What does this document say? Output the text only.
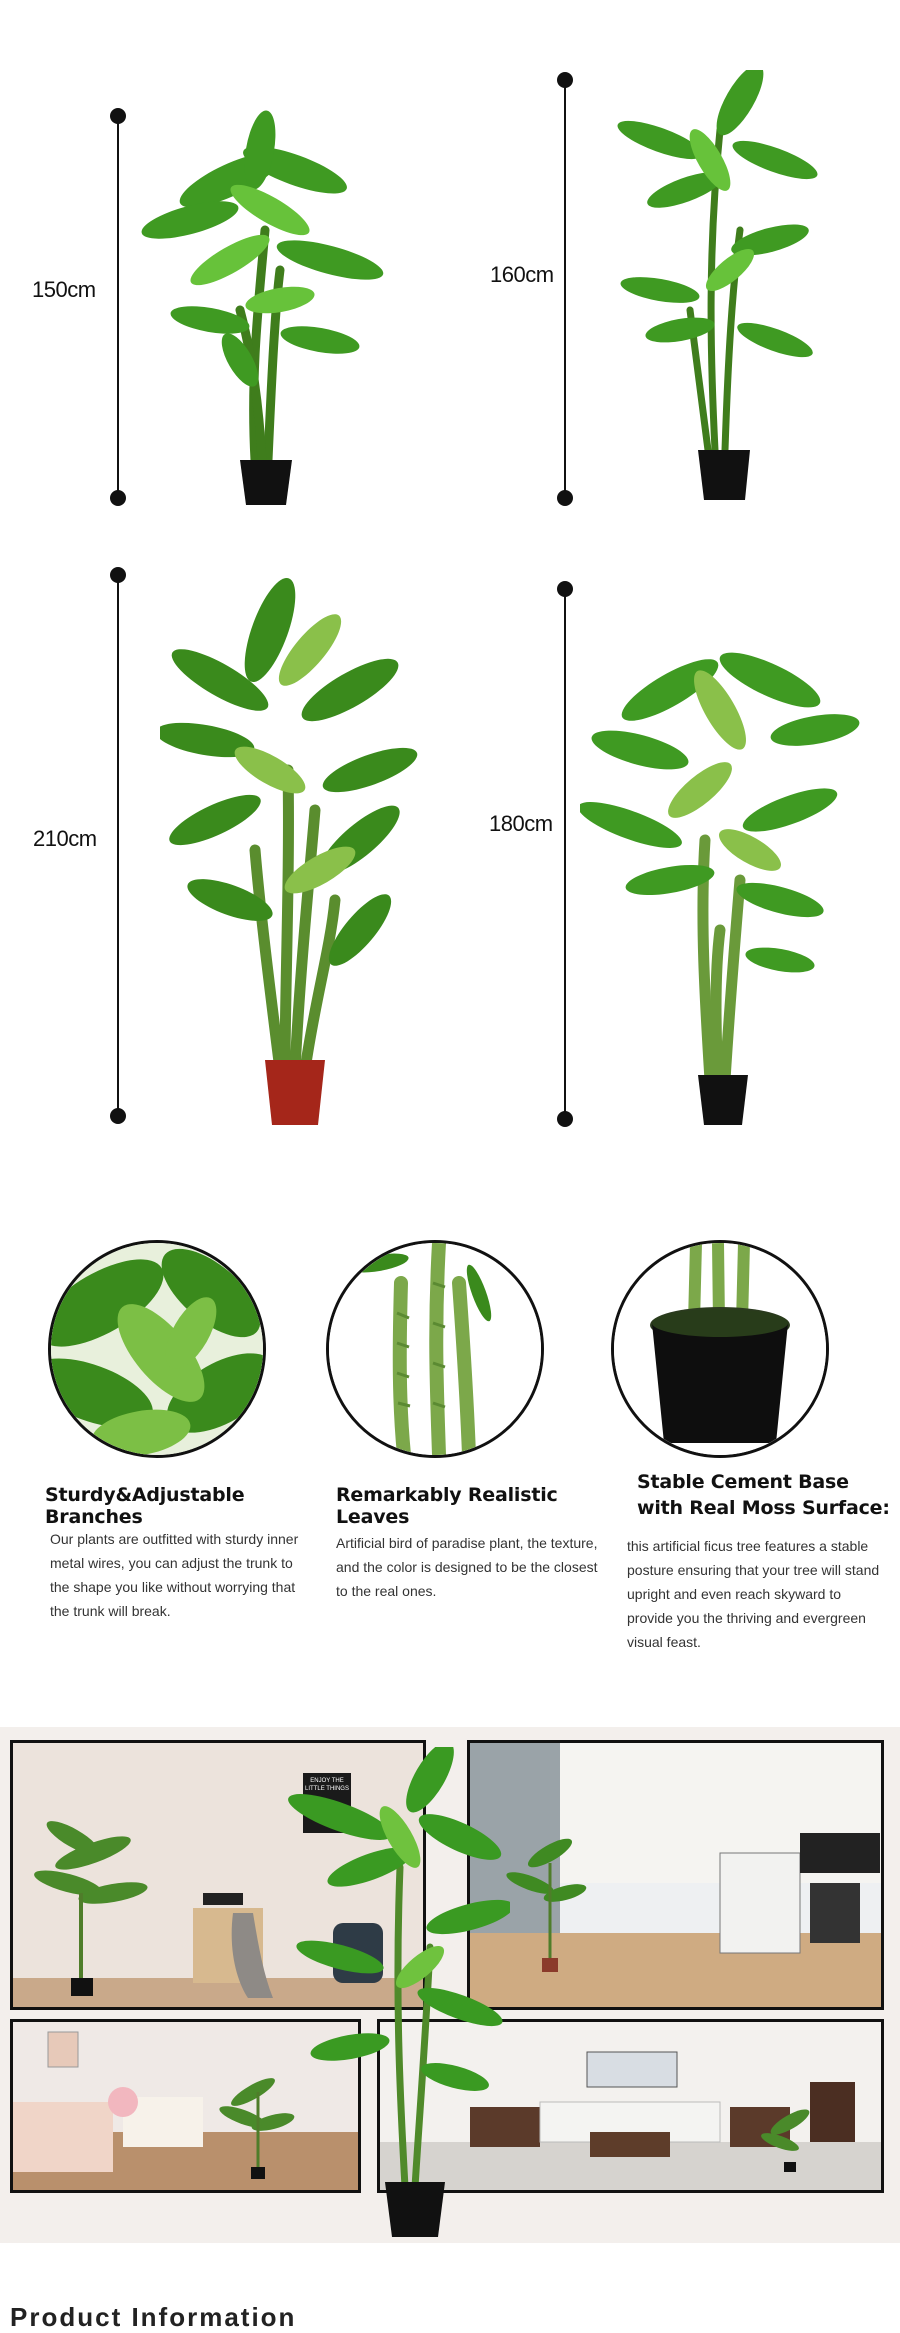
150cm
160cm
210cm
180cm
Sturdy&Adjustable Branches
Remarkably Realistic Leaves
Stable Cement Base with Real Moss Surface:
Our plants are outfitted with sturdy inner metal wires, you can adjust the trunk to the shape you like without worrying that the trunk will break.
Artificial bird of paradise plant, the texture, and the color is designed to be the closest to the real ones.
this artificial ficus tree features a stable posture ensuring that your tree will stand upright and even reach skyward to provide you the thriving and evergreen visual feast.
ENJOY THE LITTLE THINGS
Product Information
